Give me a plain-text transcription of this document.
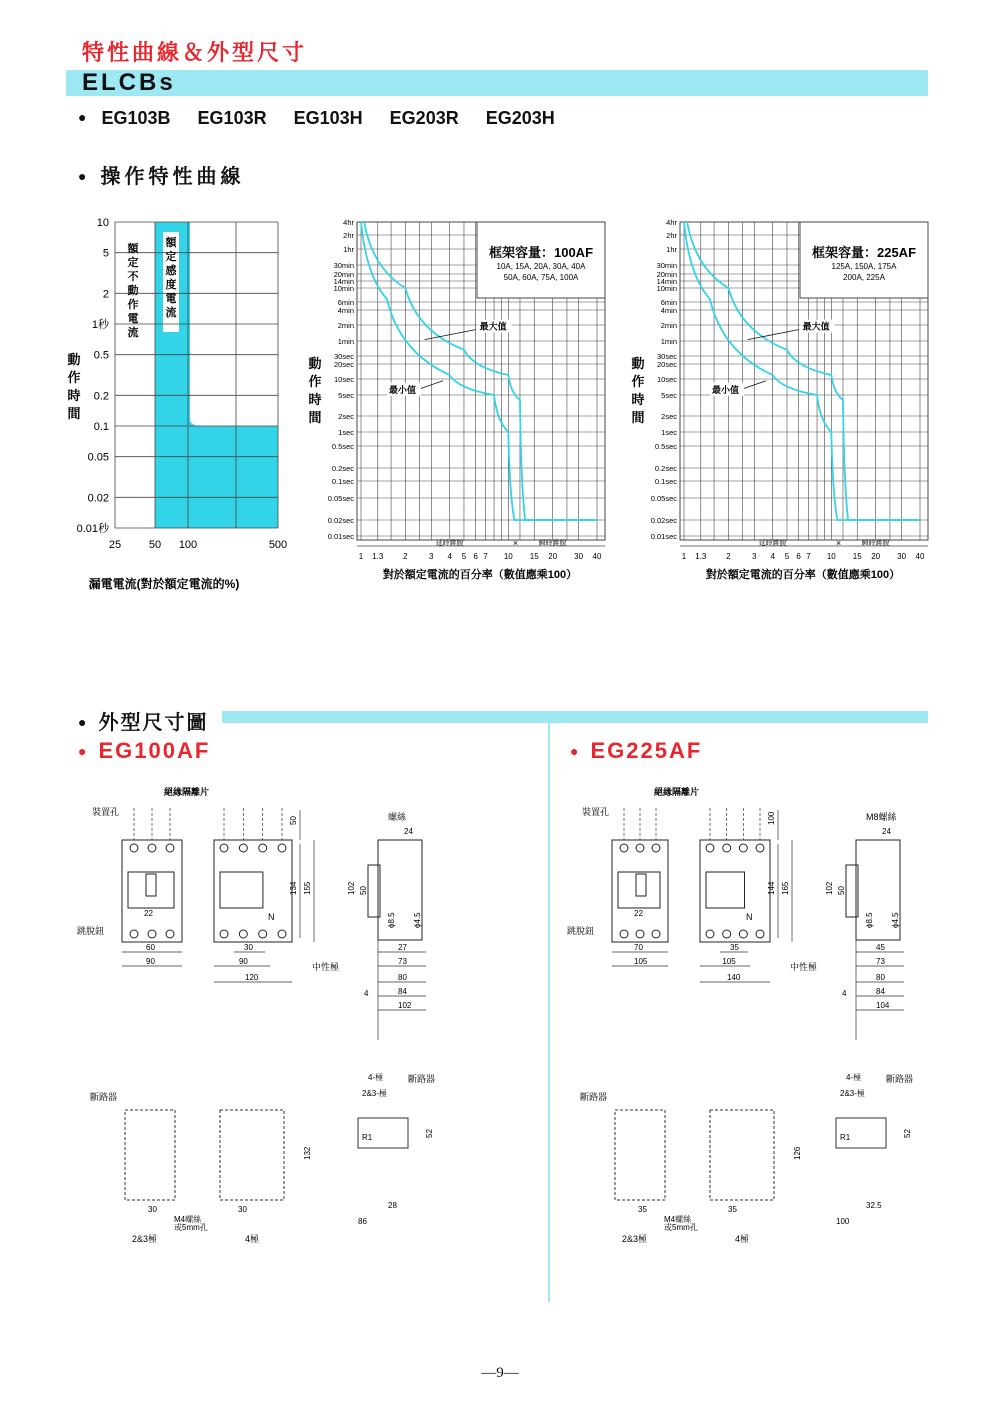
特性曲線＆外型尺寸
ELCBs
● EG103B EG103R EG103H EG203R EG203H
● 操作特性曲線
10
5
2
1秒
0.5
0.2
0.1
0.05
0.02
0.01秒
25	50 100	500
漏電電流(對於額定電流的%)
額
定
感
度
電
流
額
定
不
動
作
電
流
動
作
時
間
4hr
2hr
1hr
30min
20min
14min
10min
6min
4min
2min
1min
30sec
20sec
10sec
5sec
2sec
1sec
0.5sec
0.2sec
0.1sec
0.05sec
0.02sec
0.01sec
1 1.3 2	3 4 5 6 7 10 15 20 30 40
延時跳脫	瞬時跳脫
×
最大值
最小值
框架容量：100AF
10A, 15A, 20A, 30A, 40A
50A, 60A, 75A, 100A
對於額定電流的百分率（數值應乘100）
動
作
時
間
4hr
2hr
1hr
30min
20min
14min
10min
6min
4min
2min
1min
30sec
20sec
10sec
5sec
2sec
1sec
0.5sec
0.2sec
0.1sec
0.05sec
0.02sec
0.01sec
1 1.3 2	3 4 5 6 7 10 15 20 30 40
延時跳脫	瞬時跳脫
×
最大值
最小值
框架容量：225AF
125A, 150A, 175A
200A, 225A
對於額定電流的百分率（數值應乘100）
動
作
時
間
● 外型尺寸圖
● EG100AF	● EG225AF
22
裝置孔
絕緣隔離片
跳脫鈕
60
90
N
中性極
30
90
120
50
134 155
螺絲
24
102 50
ϕ8.5 ϕ4.5
27
73
80
84
102
4
斷路器
2&3極	4極
M4螺絲
或5mm孔
30	30
132
4-極
2&3-極
R1	52
28
86
斷路器
22
裝置孔
絕緣隔離片
跳脫鈕
70
105
N
中性極
35
105
140
100
144 165
M8螺絲
24
102 50
ϕ8.5 ϕ4.5
45
73
80
84
104
4
斷路器
2&3極	4極
M4螺絲
或5mm孔
35	35
126
4-極
2&3-極
R1	52
32.5
100
斷路器
—9—
